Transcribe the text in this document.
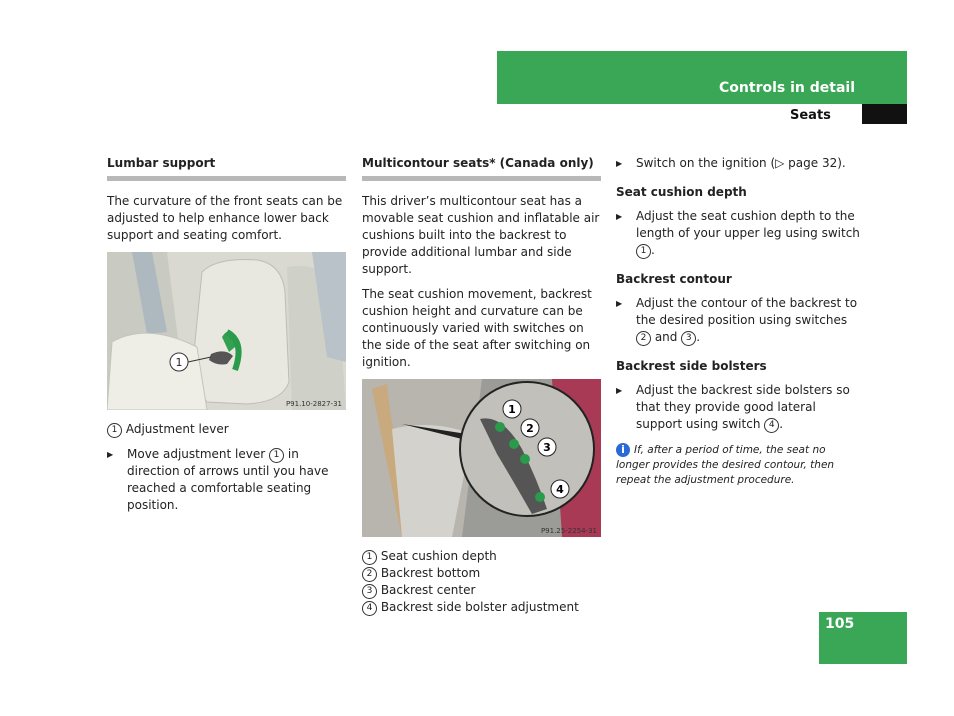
Controls in detail
Seats
Lumbar support

The curvature of the front seats can be adjusted to help enhance lower back support and seating comfort.

1
P91.10-2827-31
1 Adjustment lever
▶ Move adjustment lever 1 in direction of arrows until you have reached a comfortable seating position.
Multicontour seats* (Canada only)

This driver’s multicontour seat has a movable seat cushion and inflatable air cushions built into the backrest to provide additional lumbar and side support.

The seat cushion movement, backrest cushion height and curvature can be continuously varied with switches on the side of the seat after switching on ignition.

1
2
3
4
P91.25-2254-31
1 Seat cushion depth
2 Backrest bottom
3 Backrest center
4 Backrest side bolster adjustment
▶ Switch on the ignition (▷ page 32).
Seat cushion depth
▶ Adjust the seat cushion depth to the length of your upper leg using switch 1 .
Backrest contour
▶ Adjust the contour of the backrest to the desired position using switches 2 and 3 .
Backrest side bolsters
▶ Adjust the backrest side bolsters so that they provide good lateral support using switch 4 .
i If, after a period of time, the seat no longer provides the desired contour, then repeat the adjustment procedure.
105
